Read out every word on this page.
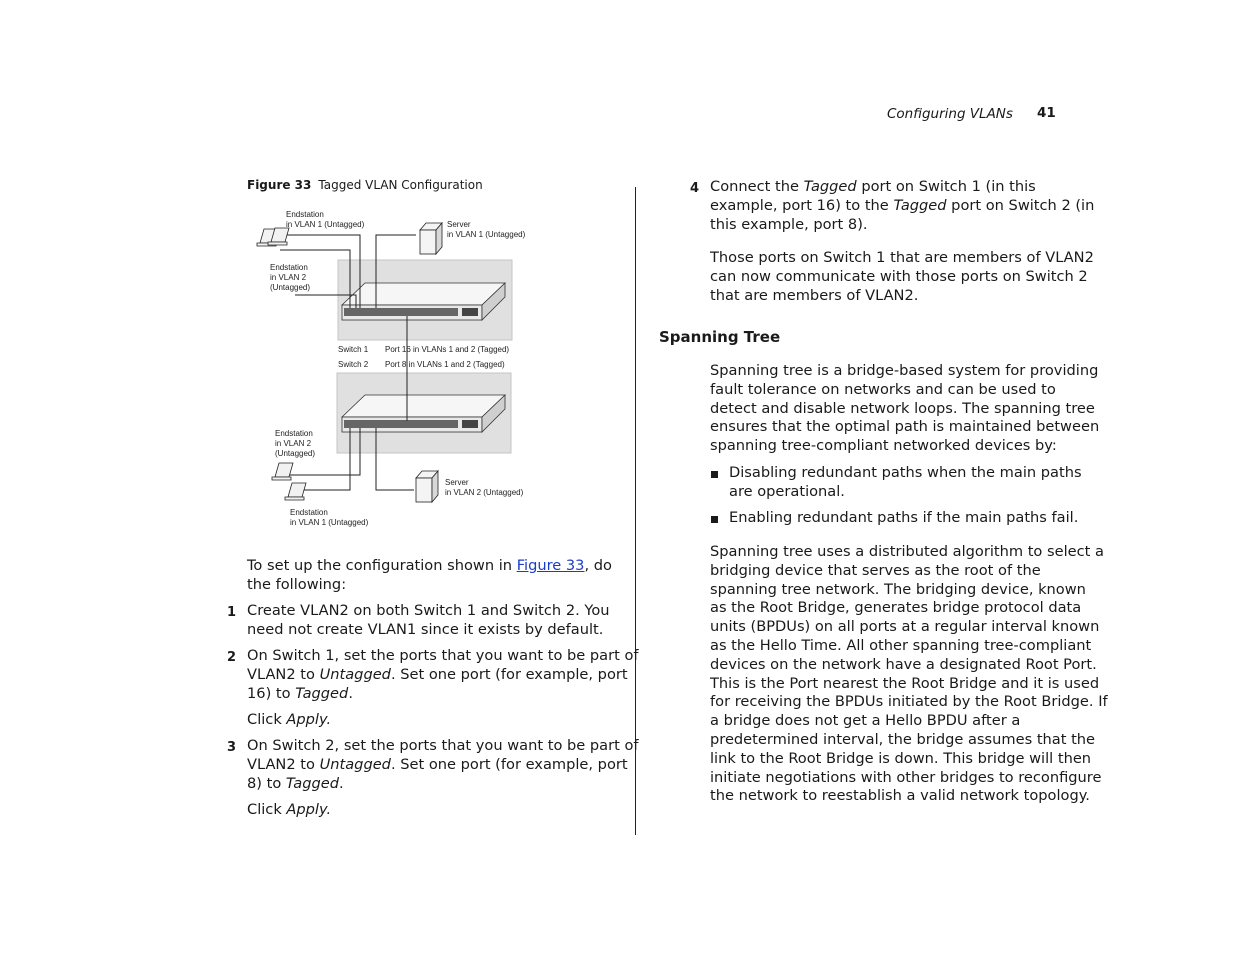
Configuring VLANs 41
Figure 33 Tagged VLAN Configuration
Endstation
in VLAN 1 (Untagged)	Server
in VLAN 1 (Untagged)
Endstation
in VLAN 2
(Untagged)
Switch 1
Switch 2
Port 16 in VLANs 1 and 2 (Tagged)
Port 8 in VLANs 1 and 2 (Tagged)
Endstation
in VLAN 2
(Untagged)
Server
in VLAN 2 (Untagged)
Endstation
in VLAN 1 (Untagged)
To set up the configuration shown in Figure 33, do
the following:
1 Create VLAN2 on both Switch 1 and Switch 2. You
need not create VLAN1 since it exists by default.
2 On Switch 1, set the ports that you want to be part of
VLAN2 to Untagged. Set one port (for example, port
16) to Tagged.
Click Apply.
3 On Switch 2, set the ports that you want to be part of
VLAN2 to Untagged. Set one port (for example, port
8) to Tagged.
Click Apply.
4 Connect the Tagged port on Switch 1 (in this
example, port 16) to the Tagged port on Switch 2 (in
this example, port 8).
Those ports on Switch 1 that are members of VLAN2
can now communicate with those ports on Switch 2
that are members of VLAN2.
Spanning Tree
Spanning tree is a bridge-based system for providing
fault tolerance on networks and can be used to
detect and disable network loops. The spanning tree
ensures that the optimal path is maintained between
spanning tree-compliant networked devices by:
Disabling redundant paths when the main paths
are operational.
Enabling redundant paths if the main paths fail.
Spanning tree uses a distributed algorithm to select a
bridging device that serves as the root of the
spanning tree network. The bridging device, known
as the Root Bridge, generates bridge protocol data
units (BPDUs) on all ports at a regular interval known
as the Hello Time. All other spanning tree-compliant
devices on the network have a designated Root Port.
This is the Port nearest the Root Bridge and it is used
for receiving the BPDUs initiated by the Root Bridge. If
a bridge does not get a Hello BPDU after a
predetermined interval, the bridge assumes that the
link to the Root Bridge is down. This bridge will then
initiate negotiations with other bridges to reconfigure
the network to reestablish a valid network topology.
